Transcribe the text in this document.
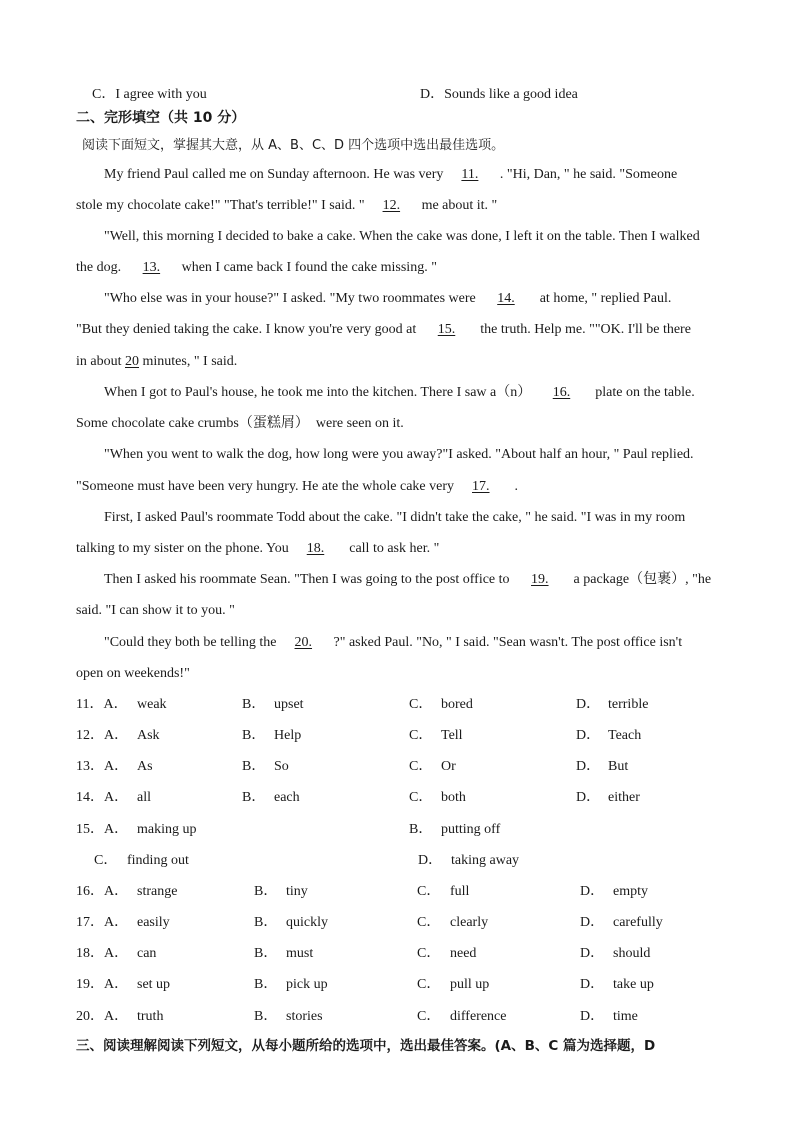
C．I agree with you	D．Sounds like a good idea
二、完形填空（共 10 分）
阅读下面短文，掌握其大意，从 A、B、C、D 四个选项中选出最佳选项。
My friend Paul called me on Sunday afternoon. He was very 11. . "Hi, Dan, " he said. "Someone
stole my chocolate cake!" "That's terrible!" I said. " 12. me about it. "
"Well, this morning I decided to bake a cake. When the cake was done, I left it on the table. Then I walked
the dog. 13. when I came back I found the cake missing. "
"Who else was in your house?" I asked. "My two roommates were 14. at home, " replied Paul.
"But they denied taking the cake. I know you're very good at 15. the truth. Help me. ""OK. I'll be there
in about 20 minutes, " I said.
When I got to Paul's house, he took me into the kitchen. There I saw a（n） 16. plate on the table.
Some chocolate cake crumbs（蛋糕屑） were seen on it.
"When you went to walk the dog, how long were you away?"I asked. "About half an hour, " Paul replied.
"Someone must have been very hungry. He ate the whole cake very 17. .
First, I asked Paul's roommate Todd about the cake. "I didn't take the cake, " he said. "I was in my room
talking to my sister on the phone. You 18. call to ask her. "
Then I asked his roommate Sean. "Then I was going to the post office to 19. a package（包裹）, "he
said. "I can show it to you. "
"Could they both be telling the 20. ?" asked Paul. "No, " I said. "Sean wasn't. The post office isn't
open on weekends!"
11．A． weak	B． upset	C． bored	D． terrible
12．A． Ask	B． Help	C． Tell	D． Teach
13．A． As	B． So	C． Or	D． But
14．A． all	B． each	C． both	D． either
15．A． making up	B． putting off
C． finding out	D． taking away
16．A． strange	B． tiny	C． full	D． empty
17．A． easily	B． quickly	C． clearly	D． carefully
18．A． can	B． must	C． need	D． should
19．A． set up	B． pick up	C． pull up	D． take up
20．A． truth	B． stories	C． difference	D． time
三、阅读理解阅读下列短文，从每小题所给的选项中，选出最佳答案。(A、B、C 篇为选择题，D
